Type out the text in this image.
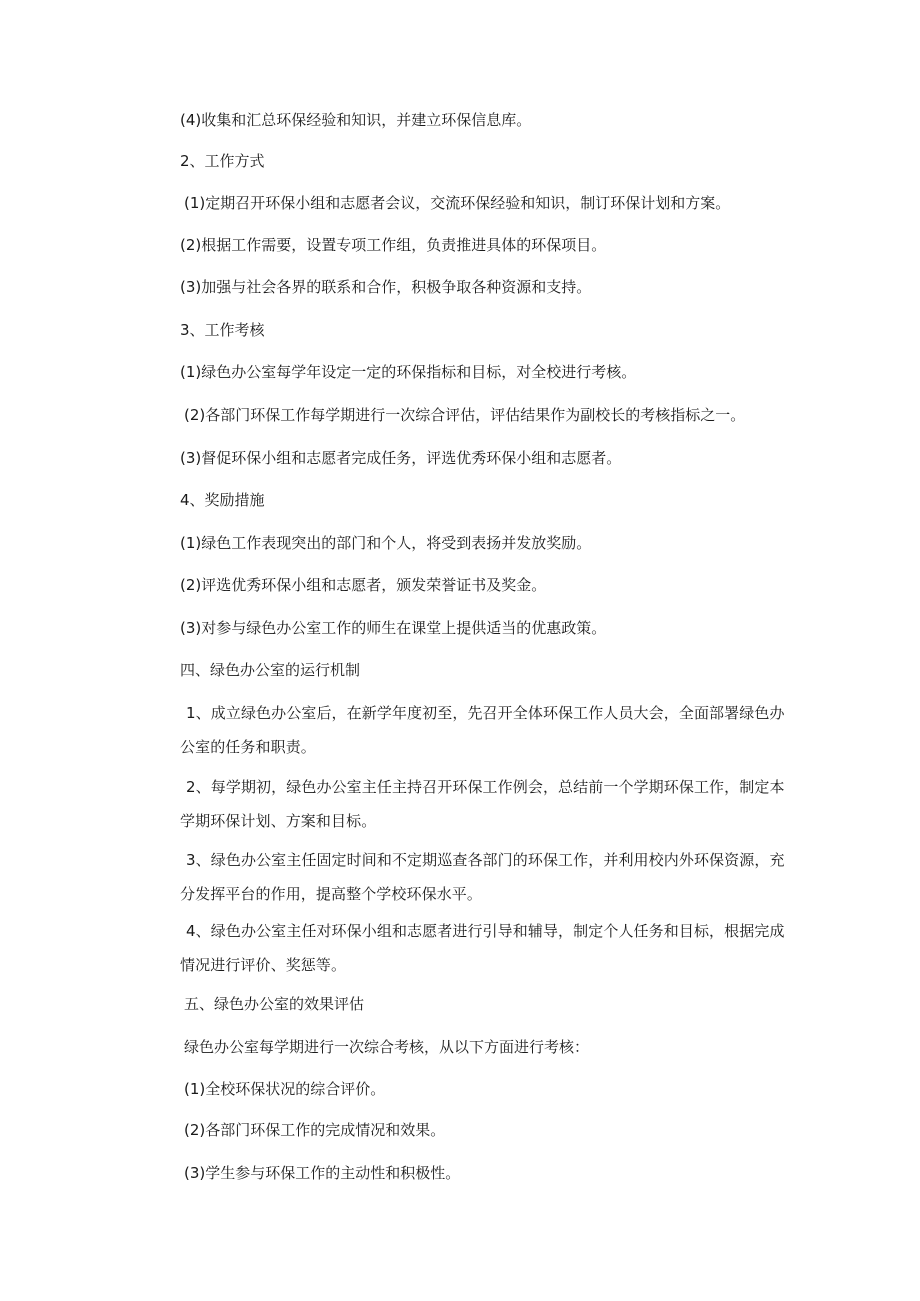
(4)收集和汇总环保经验和知识，并建立环保信息库。

2、工作方式

(1)定期召开环保小组和志愿者会议，交流环保经验和知识，制订环保计划和方案。

(2)根据工作需要，设置专项工作组，负责推进具体的环保项目。

(3)加强与社会各界的联系和合作，积极争取各种资源和支持。

3、工作考核

(1)绿色办公室每学年设定一定的环保指标和目标，对全校进行考核。

(2)各部门环保工作每学期进行一次综合评估，评估结果作为副校长的考核指标之一。

(3)督促环保小组和志愿者完成任务，评选优秀环保小组和志愿者。

4、奖励措施

(1)绿色工作表现突出的部门和个人，将受到表扬并发放奖励。

(2)评选优秀环保小组和志愿者，颁发荣誉证书及奖金。

(3)对参与绿色办公室工作的师生在课堂上提供适当的优惠政策。

四、绿色办公室的运行机制

1、成立绿色办公室后，在新学年度初至，先召开全体环保工作人员大会，全面部署绿色办公室的任务和职责。

2、每学期初，绿色办公室主任主持召开环保工作例会，总结前一个学期环保工作，制定本学期环保计划、方案和目标。

3、绿色办公室主任固定时间和不定期巡查各部门的环保工作，并利用校内外环保资源，充分发挥平台的作用，提高整个学校环保水平。

4、绿色办公室主任对环保小组和志愿者进行引导和辅导，制定个人任务和目标，根据完成情况进行评价、奖惩等。

五、绿色办公室的效果评估

绿色办公室每学期进行一次综合考核，从以下方面进行考核：

(1)全校环保状况的综合评价。

(2)各部门环保工作的完成情况和效果。

(3)学生参与环保工作的主动性和积极性。
